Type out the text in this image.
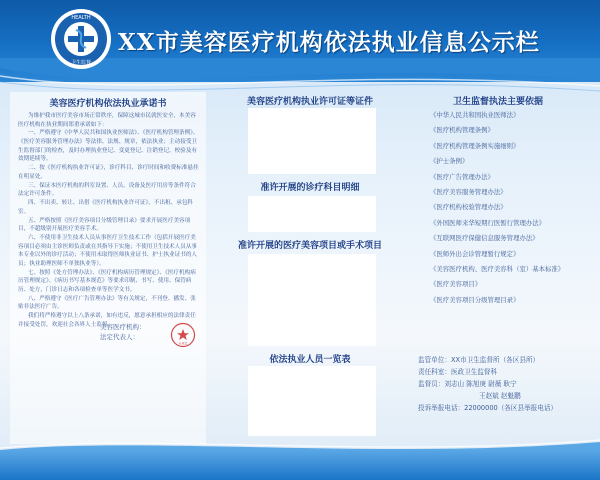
HEALTH
卫生监督
XX市美容医疗机构依法执业信息公示栏
美容医疗机构依法执业承诺书
为维护我市医疗美容市场正常秩序，保障这城市民就医安全，本美容医疗机构在执业期间郑重承诺如下：
一、严格遵守《中华人民共和国执业医师法》、《医疗机构管理条例》、《医疗美容服务管理办法》等法律、法规、规章，依法执业；主动接受卫生监督部门的检查，及时办理执业登记、变更登记、注销登记、校验及有效期延续等。
二、按《医疗机构执业许可证》，诊疗科目、诊疗时间和收费标准悬挂在明显处。
三、保证本医疗机构的科室设置、人员、设备及医疗用房等条件符合法定许可条件。
四、不出卖、转让、出借《医疗机构执业许可证》，不出租、承包科室。
五、严格按照《医疗美容项目分级管理目录》要求开展医疗美容项目，不超级别开展医疗美容手术。
六、不使用非卫生技术人员从事医疗卫生技术工作（包括开展医疗美容项目必须由主诊医师负责或在其指导下实施；不使用卫生技术人员从事本专业以外的诊疗活动；不使用未取得医师执业证书、护士执业证书的人员；执业助理医师不单独执业等）。
七、按照《处方管理办法》、《医疗机构病历管理规定》、《医疗机构病历管理规定》、《病历书写基本规范》等要求印制、书写、使用、保管病历、处方，门诊日志和各项检查单等医学文书。
八、严格遵守《医疗广告管理办法》等有关规定，不刊登、播发、张贴非法医疗广告。
我们将严格遵守以上八条承诺，如有违反，愿意承担相应的法律责任并接受处罚，欢迎社会各界人士监督。
美容医疗机构：
法定代表人：
专用章
美容医疗机构执业许可证等证件
准许开展的诊疗科目明细
准许开展的医疗美容项目或手术项目
依法执业人员一览表
卫生监督执法主要依据
《中华人民共和国执业医师法》
《医疗机构管理条例》
《医疗机构管理条例实施细则》
《护士条例》
《医疗广告管理办法》
《医疗美容服务管理办法》
《医疗机构校验管理办法》
《外国医师来华短期行医暂行管理办法》
《互联网医疗保健信息服务管理办法》
《医师外出会诊管理暂行规定》
《美容医疗机构、医疗美容科（室）基本标准》
《医疗美容项目》
《医疗美容项目分级管理目录》
监管单位：XX市卫生监督所（各区县所）
责任科室：医政卫生监督科
监督员：刘志山 陈旭庚 尉薇 耿宁
王赵斌 赵魁鹏
投诉举报电话：22000000（各区县举报电话）
